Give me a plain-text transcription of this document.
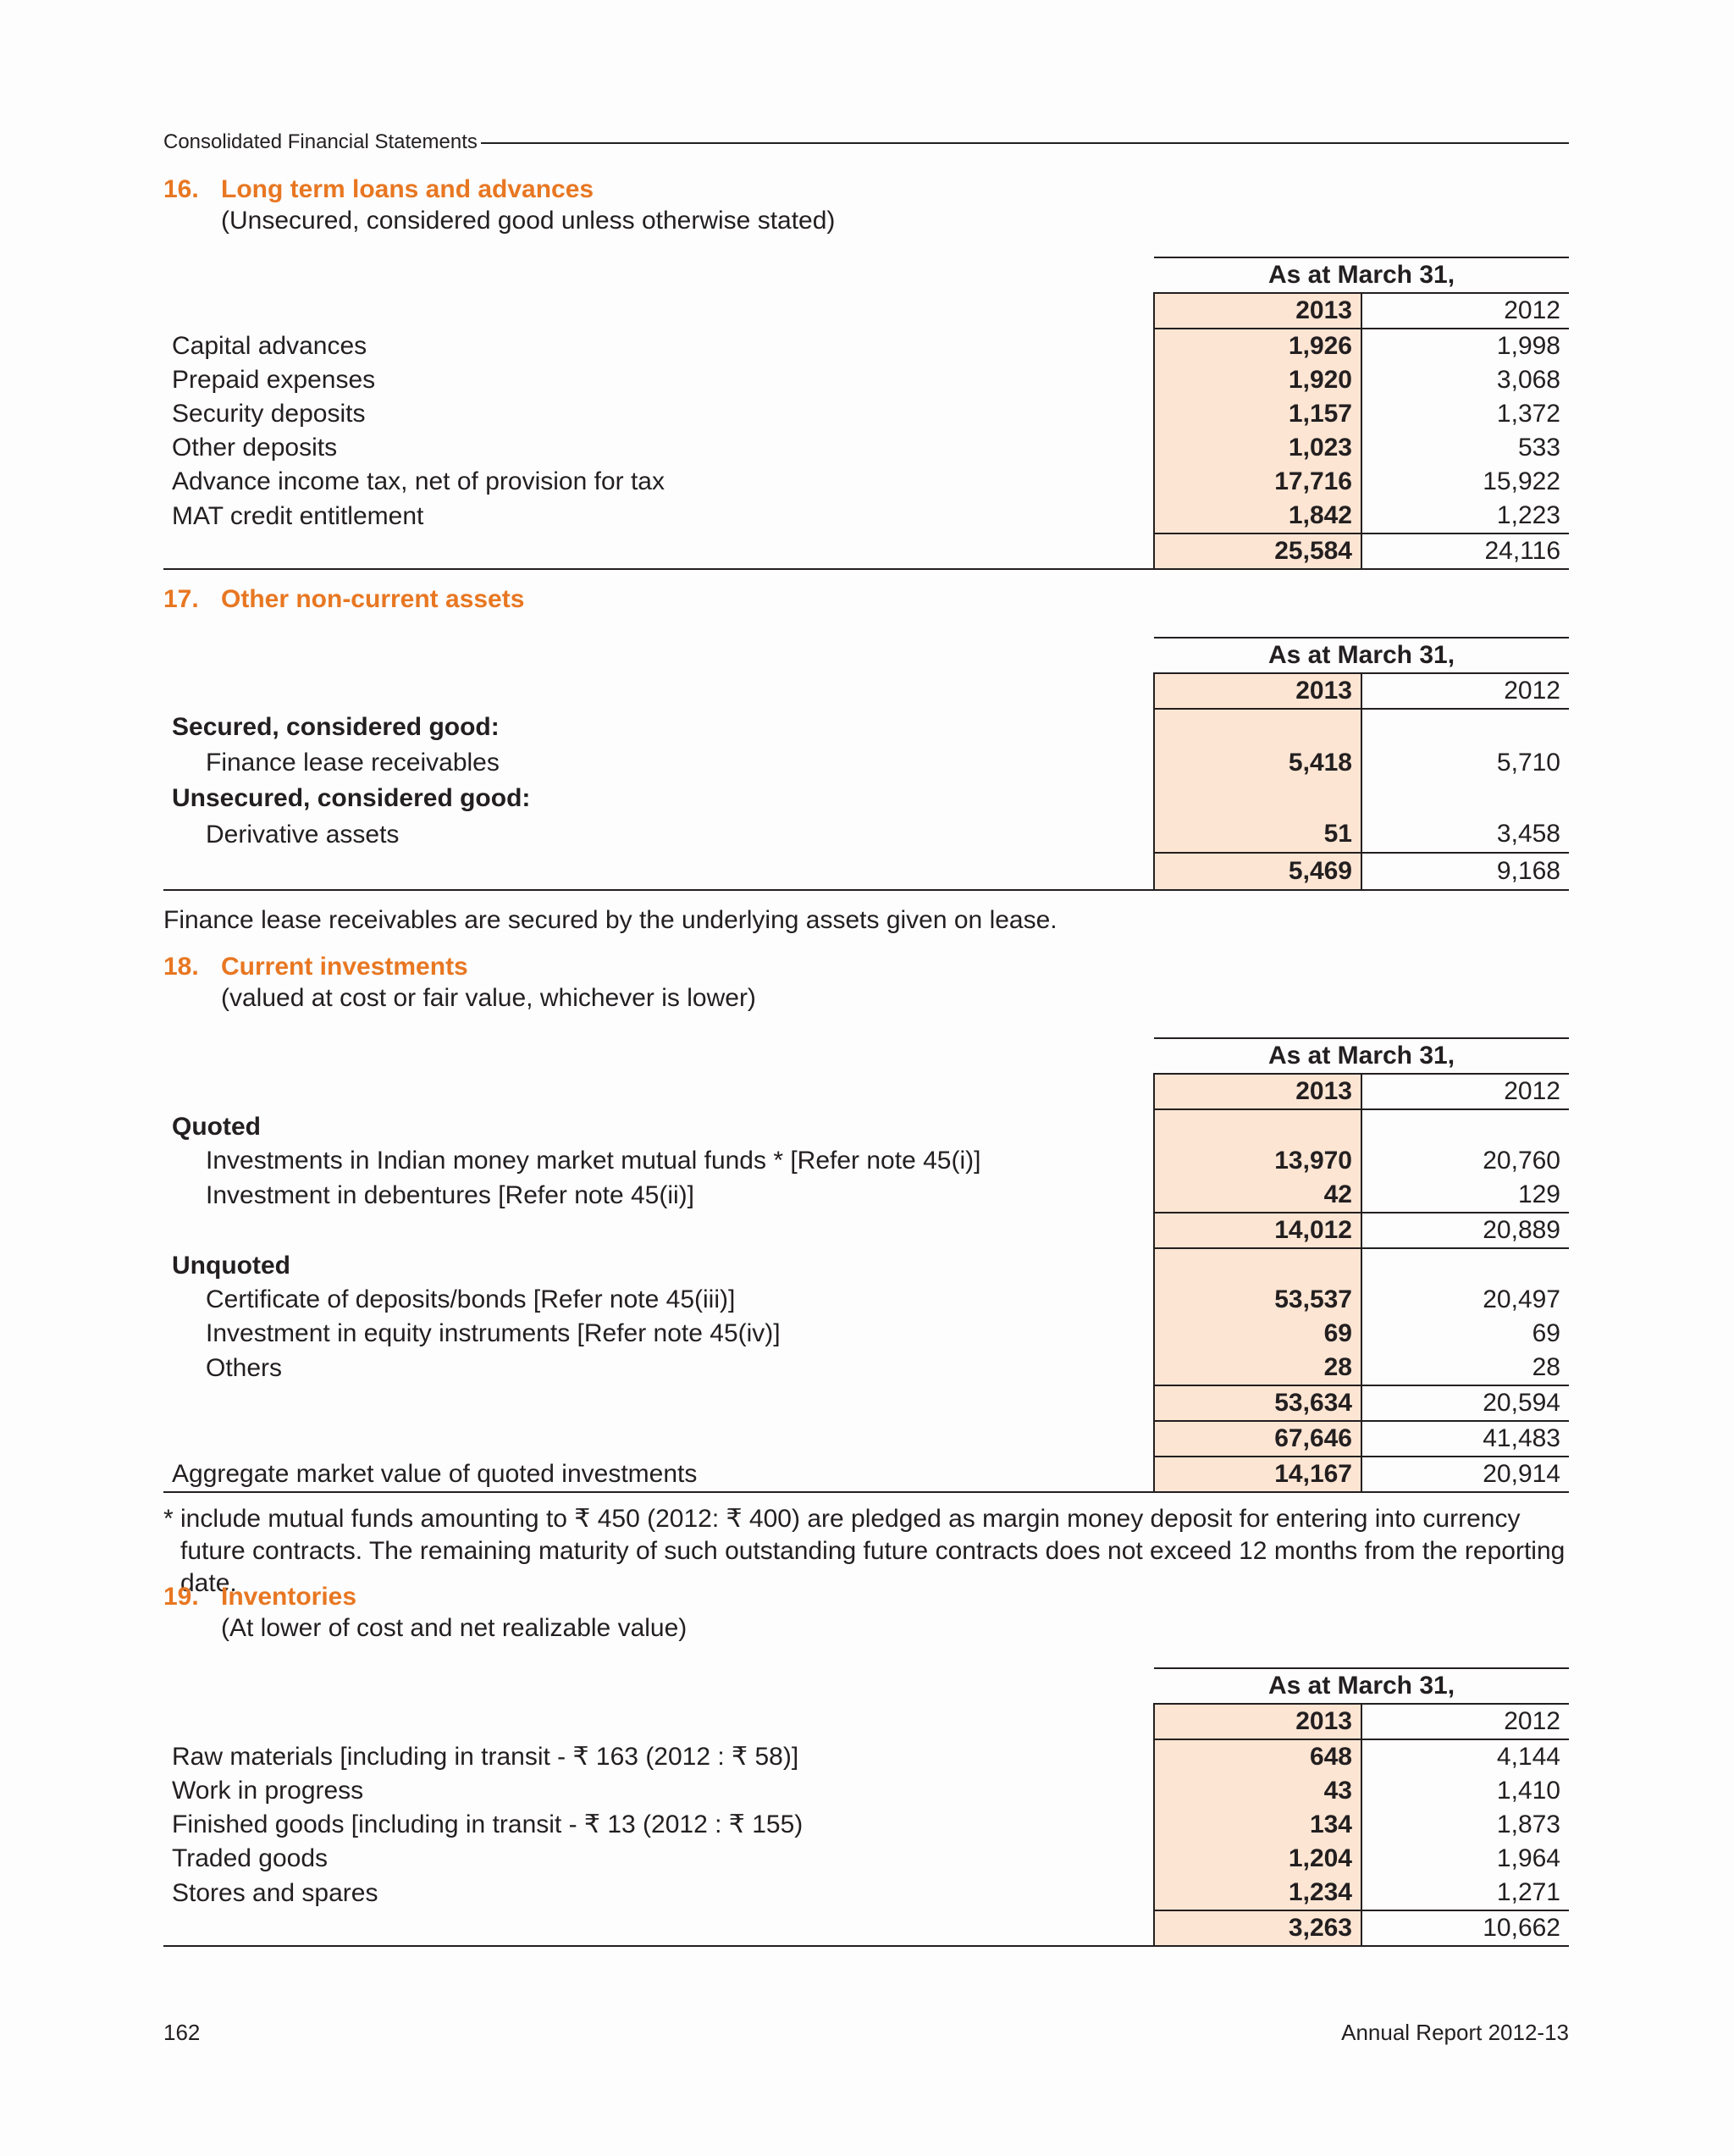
Consolidated Financial Statements
16. Long term loans and advances
(Unsecured, considered good unless otherwise stated)
	As at March 31,	
	2013	2012
Capital advances	1,926	1,998
Prepaid expenses	1,920	3,068
Security deposits	1,157	1,372
Other deposits	1,023	533
Advance income tax, net of provision for tax	17,716	15,922
MAT credit entitlement	1,842	1,223
	25,584	24,116
17. Other non-current assets
	As at March 31,	
	2013	2012
Secured, considered good:		
Finance lease receivables	5,418	5,710
Unsecured, considered good:		
Derivative assets	51	3,458
	5,469	9,168
Finance lease receivables are secured by the underlying assets given on lease.
18. Current investments
(valued at cost or fair value, whichever is lower)
	As at March 31,	
	2013	2012
Quoted		
Investments in Indian money market mutual funds * [Refer note 45(i)]	13,970	20,760
Investment in debentures [Refer note 45(ii)]	42	129
	14,012	20,889
Unquoted		
Certificate of deposits/bonds [Refer note 45(iii)]	53,537	20,497
Investment in equity instruments [Refer note 45(iv)]	69	69
Others	28	28
	53,634	20,594
	67,646	41,483
Aggregate market value of quoted investments	14,167	20,914
* include mutual funds amounting to ₹ 450 (2012: ₹ 400) are pledged as margin money deposit for entering into currency future contracts. The remaining maturity of such outstanding future contracts does not exceed 12 months from the reporting date.
19. Inventories
(At lower of cost and net realizable value)
	As at March 31,	
	2013	2012
Raw materials [including in transit - ₹ 163 (2012 : ₹ 58)]	648	4,144
Work in progress	43	1,410
Finished goods [including in transit - ₹ 13 (2012 : ₹ 155)	134	1,873
Traded goods	1,204	1,964
Stores and spares	1,234	1,271
	3,263	10,662
162	Annual Report 2012-13
